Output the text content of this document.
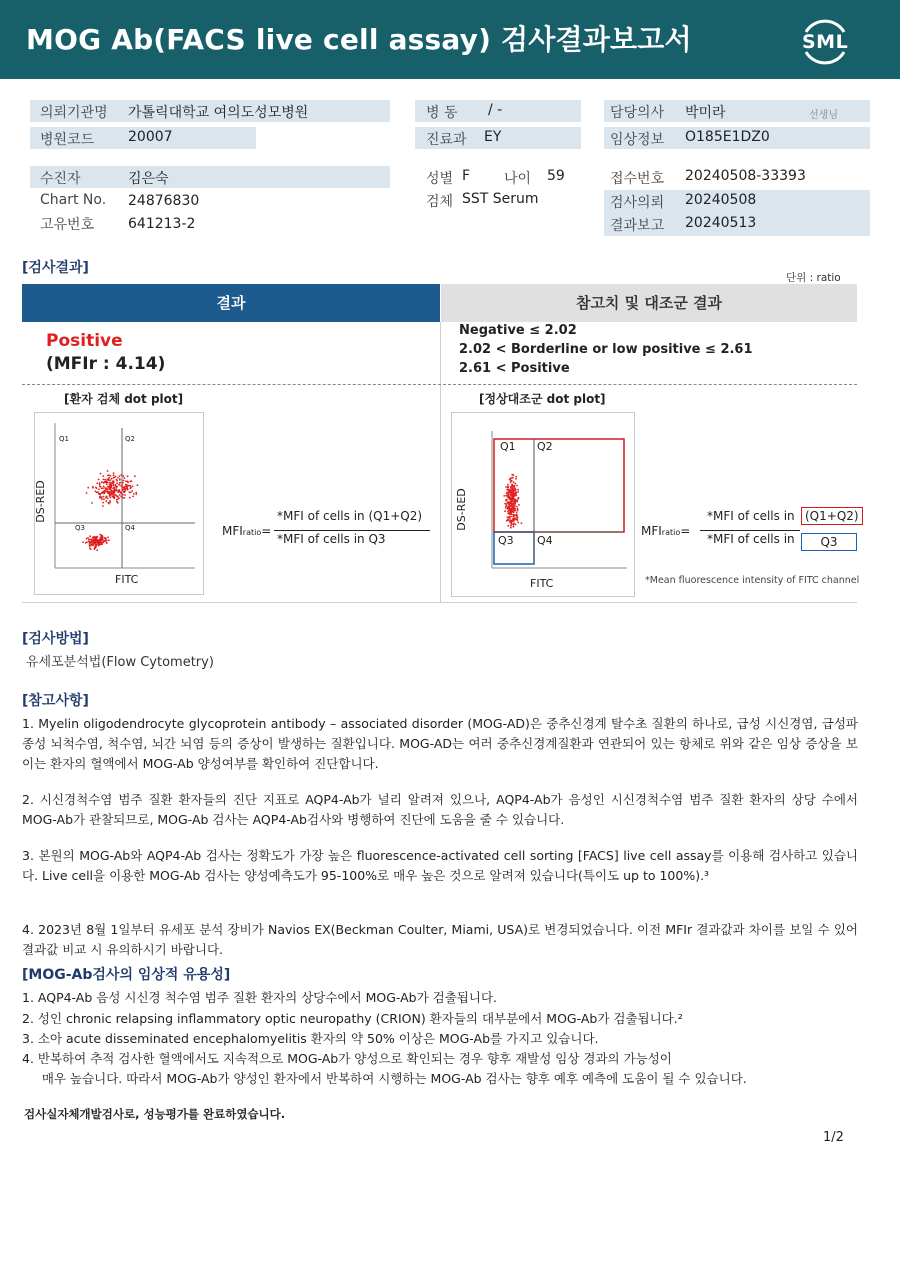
MOG Ab(FACS live cell assay) 검사결과보고서	SML
의뢰기관명 가톨릭대학교 여의도성모병원
병원코드 20007
병 동 / -
진료과 EY
담당의사 박미라	선생님
임상정보 O185E1DZ0
수진자	김은숙
Chart No. 24876830
고유번호 641213-2
성별 F 나이 59
검체 SST Serum
접수번호 20240508-33393
검사의뢰 20240508
결과보고 20240513
[검사결과]
단위 : ratio
결과	참고치 및 대조군 결과
Positive
(MFIr : 4.14)
Negative ≤ 2.02
2.02 < Borderline or low positive ≤ 2.61
2.61 < Positive
[환자 검체 dot plot]
Q1	Q2
Q3	Q4
DS-RED
FITC
MFIratio=
*MFI of cells in (Q1+Q2)
*MFI of cells in Q3
[정상대조군 dot plot]
Q1 Q2
Q3 Q4
DS-RED
FITC
MFIratio=
*MFI of cells in (Q1+Q2)
*MFI of cells in	Q3
*Mean fluorescence intensity of FITC channel
[검사방법]
유세포분석법(Flow Cytometry)
[참고사항]
1. Myelin oligodendrocyte glycoprotein antibody – associated disorder (MOG-AD)은 중추신경계 탈수초 질환의 하나로, 급성 시신경염, 급성파종성 뇌척수염, 척수염, 뇌간 뇌염 등의 증상이 발생하는 질환입니다. MOG-AD는 여러 중추신경계질환과 연관되어 있는 항체로 위와 같은 임상 증상을 보이는 환자의 혈액에서 MOG-Ab 양성여부를 확인하여 진단합니다.
2. 시신경척수염 범주 질환 환자들의 진단 지표로 AQP4-Ab가 널리 알려져 있으나, AQP4-Ab가 음성인 시신경척수염 범주 질환 환자의 상당 수에서 MOG-Ab가 관찰되므로, MOG-Ab 검사는 AQP4-Ab검사와 병행하여 진단에 도움을 줄 수 있습니다.
3. 본원의 MOG-Ab와 AQP4-Ab 검사는 정확도가 가장 높은 fluorescence-activated cell sorting [FACS] live cell assay를 이용해 검사하고 있습니다. Live cell을 이용한 MOG-Ab 검사는 양성예측도가 95-100%로 매우 높은 것으로 알려져 있습니다(특이도 up to 100%).³
4. 2023년 8월 1일부터 유세포 분석 장비가 Navios EX(Beckman Coulter, Miami, USA)로 변경되었습니다. 이전 MFIr 결과값과 차이를 보일 수 있어 결과값 비교 시 유의하시기 바랍니다.
[MOG-Ab검사의 임상적 유용성]
1. AQP4-Ab 음성 시신경 척수염 범주 질환 환자의 상당수에서 MOG-Ab가 검출됩니다.
2. 성인 chronic relapsing inflammatory optic neuropathy (CRION) 환자들의 대부분에서 MOG-Ab가 검출됩니다.²
3. 소아 acute disseminated encephalomyelitis 환자의 약 50% 이상은 MOG-Ab를 가지고 있습니다.
4. 반복하여 추적 검사한 혈액에서도 지속적으로 MOG-Ab가 양성으로 확인되는 경우 향후 재발성 임상 경과의 가능성이
매우 높습니다. 따라서 MOG-Ab가 양성인 환자에서 반복하여 시행하는 MOG-Ab 검사는 향후 예후 예측에 도움이 될 수 있습니다.
검사실자체개발검사로, 성능평가를 완료하였습니다.
1/2
